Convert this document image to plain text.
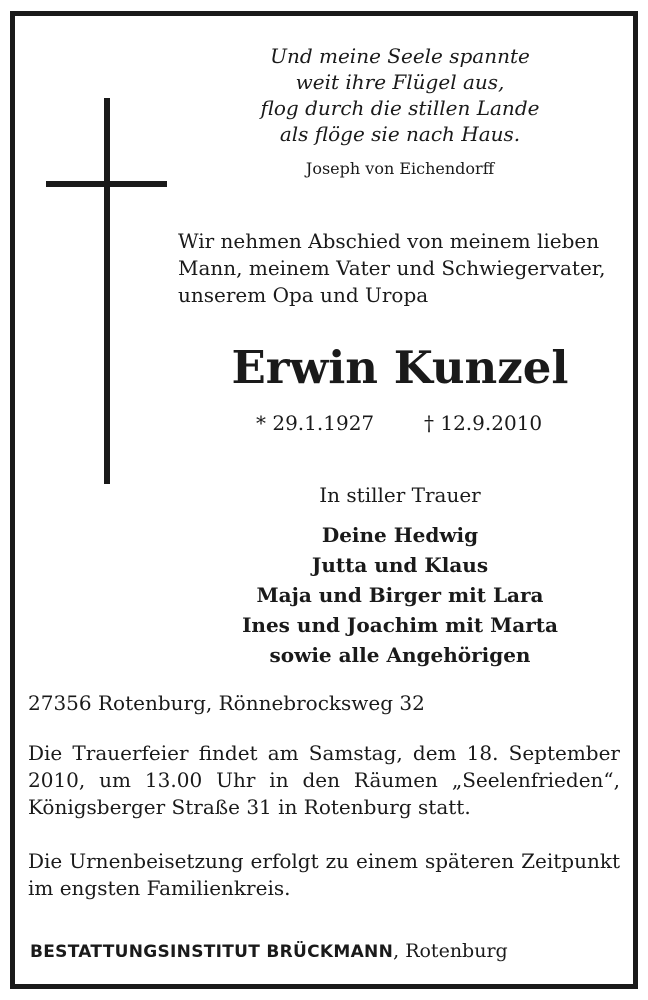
Und meine Seele spannte
weit ihre Flügel aus,
flog durch die stillen Lande
als flöge sie nach Haus.
Joseph von Eichendorff
Wir nehmen Abschied von meinem lieben
Mann, meinem Vater und Schwiegervater,
unserem Opa und Uropa
Erwin Kunzel
* 29.1.1927 † 12.9.2010
In stiller Trauer
Deine Hedwig
Jutta und Klaus
Maja und Birger mit Lara
Ines und Joachim mit Marta
sowie alle Angehörigen
27356 Rotenburg, Rönnebrocksweg 32
Die Trauerfeier findet am Samstag, dem 18. September
2010, um 13.00 Uhr in den Räumen „Seelenfrieden“,
Königsberger Straße 31 in Rotenburg statt.
Die Urnenbeisetzung erfolgt zu einem späteren Zeitpunkt
im engsten Familienkreis.
BESTATTUNGSINSTITUT BRÜCKMANN, Rotenburg
